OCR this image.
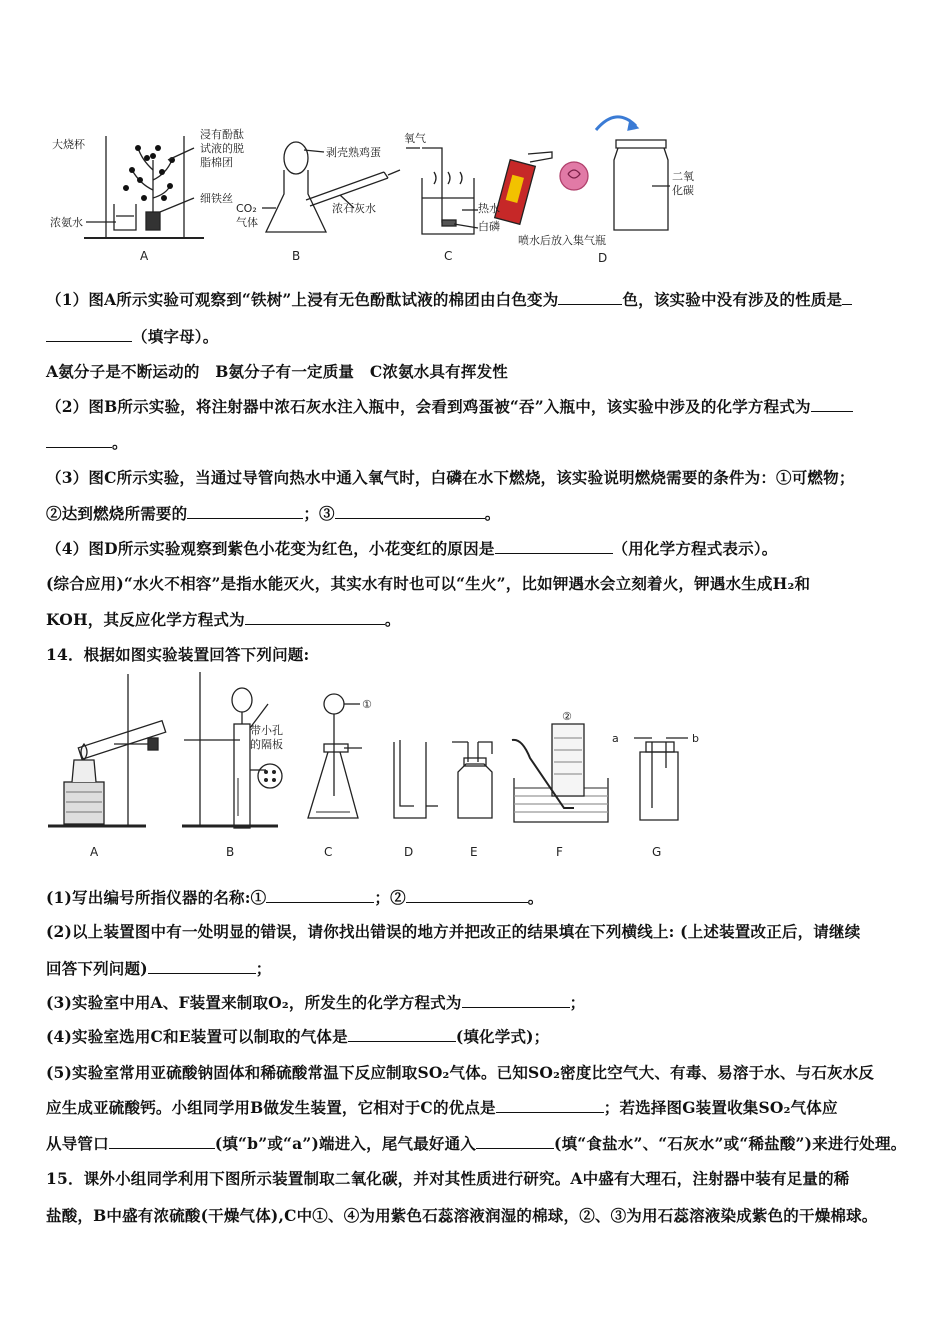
大烧杯
浸有酚酞试液的脱脂棉团
细铁丝
浓氨水
剥壳熟鸡蛋
CO₂ 气体
浓石灰水
氧气
热水
白磷
二氧化碳
喷水后放入集气瓶
A	B	C	D
（1）图A所示实验可观察到“铁树”上浸有无色酚酞试液的棉团由白色变为	色，该实验中没有涉及的性质是
（填字母）。
A氨分子是不断运动的　B氨分子有一定质量　C浓氨水具有挥发性
（2）图B所示实验，将注射器中浓石灰水注入瓶中，会看到鸡蛋被“吞”入瓶中，该实验中涉及的化学方程式为
。
（3）图C所示实验，当通过导管向热水中通入氧气时，白磷在水下燃烧，该实验说明燃烧需要的条件为：①可燃物；
②达到燃烧所需要的	；③	。
（4）图D所示实验观察到紫色小花变为红色，小花变红的原因是	（用化学方程式表示）。
(综合应用)“水火不相容”是指水能灭火，其实水有时也可以“生火”，比如钾遇水会立刻着火，钾遇水生成H₂和
KOH，其反应化学方程式为	。
14．根据如图实验装置回答下列问题:
带小孔的隔板
①
②
a	b
A	B	C	D	E	F	G
(1)写出编号所指仪器的名称:①	；②	。
(2)以上装置图中有一处明显的错误，请你找出错误的地方并把改正的结果填在下列横线上: (上述装置改正后，请继续
回答下列问题)	；
(3)实验室中用A、F装置来制取O₂，所发生的化学方程式为	；
(4)实验室选用C和E装置可以制取的气体是	(填化学式)；
(5)实验室常用亚硫酸钠固体和稀硫酸常温下反应制取SO₂气体。已知SO₂密度比空气大、有毒、易溶于水、与石灰水反
应生成亚硫酸钙。小组同学用B做发生装置，它相对于C的优点是	；若选择图G装置收集SO₂气体应
从导管口	(填“b”或“a”)端进入，尾气最好通入	(填“食盐水”、“石灰水”或“稀盐酸”)来进行处理。
15．课外小组同学利用下图所示装置制取二氧化碳，并对其性质进行研究。A中盛有大理石，注射器中装有足量的稀
盐酸，B中盛有浓硫酸(干燥气体),C中①、④为用紫色石蕊溶液润湿的棉球，②、③为用石蕊溶液染成紫色的干燥棉球。
